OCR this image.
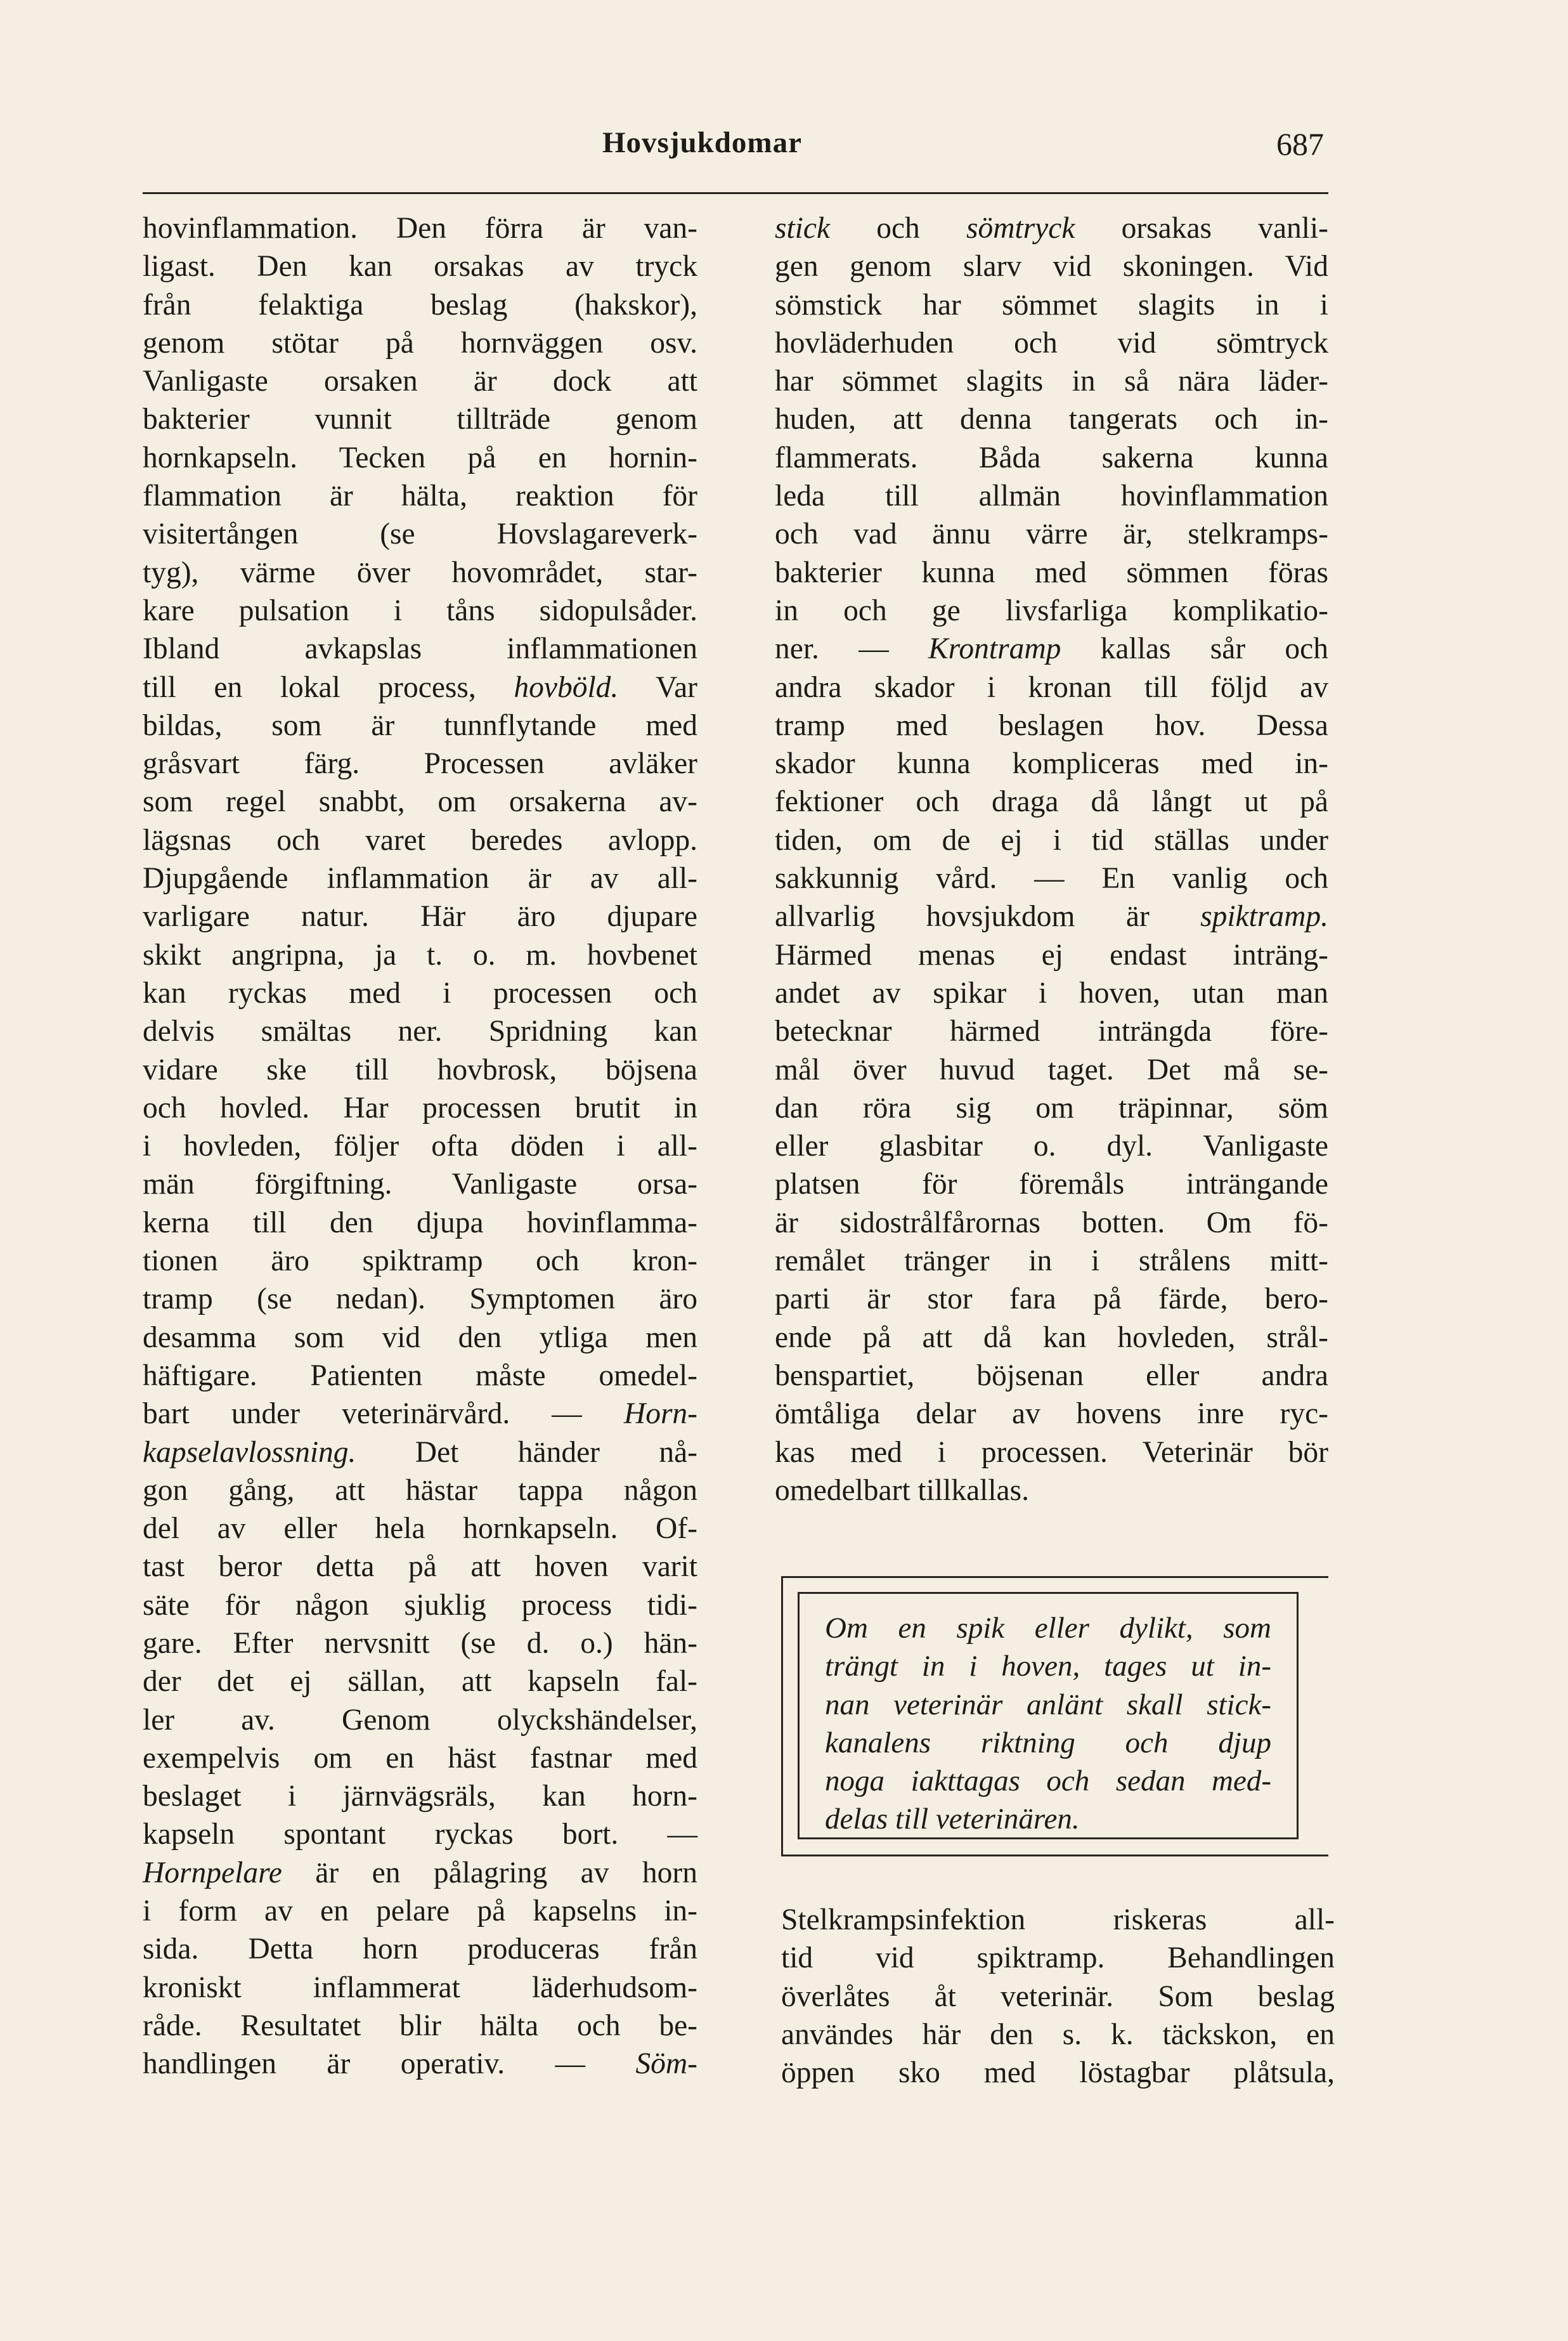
Hovsjukdomar	687
hovinflammation. Den förra är van-
ligast. Den kan orsakas av tryck
från felaktiga beslag (hakskor),
genom stötar på hornväggen osv.
Vanligaste orsaken är dock att
bakterier vunnit tillträde genom
hornkapseln. Tecken på en hornin-
flammation är hälta, reaktion för
visitertången (se Hovslagareverk-
tyg), värme över hovområdet, star-
kare pulsation i tåns sidopulsåder.
Ibland avkapslas inflammationen
till en lokal process, hovböld. Var
bildas, som är tunnflytande med
gråsvart färg. Processen avläker
som regel snabbt, om orsakerna av-
lägsnas och varet beredes avlopp.
Djupgående inflammation är av all-
varligare natur. Här äro djupare
skikt angripna, ja t. o. m. hovbenet
kan ryckas med i processen och
delvis smältas ner. Spridning kan
vidare ske till hovbrosk, böjsena
och hovled. Har processen brutit in
i hovleden, följer ofta döden i all-
män förgiftning. Vanligaste orsa-
kerna till den djupa hovinflamma-
tionen äro spiktramp och kron-
tramp (se nedan). Symptomen äro
desamma som vid den ytliga men
häftigare. Patienten måste omedel-
bart under veterinärvård. — Horn-
kapselavlossning. Det händer nå-
gon gång, att hästar tappa någon
del av eller hela hornkapseln. Of-
tast beror detta på att hoven varit
säte för någon sjuklig process tidi-
gare. Efter nervsnitt (se d. o.) hän-
der det ej sällan, att kapseln fal-
ler av. Genom olyckshändelser,
exempelvis om en häst fastnar med
beslaget i järnvägsräls, kan horn-
kapseln spontant ryckas bort. —
Hornpelare är en pålagring av horn
i form av en pelare på kapselns in-
sida. Detta horn produceras från
kroniskt inflammerat läderhudsom-
råde. Resultatet blir hälta och be-
handlingen är operativ. — Söm-
stick och sömtryck orsakas vanli-
gen genom slarv vid skoningen. Vid
sömstick har sömmet slagits in i
hovläderhuden och vid sömtryck
har sömmet slagits in så nära läder-
huden, att denna tangerats och in-
flammerats. Båda sakerna kunna
leda till allmän hovinflammation
och vad ännu värre är, stelkramps-
bakterier kunna med sömmen föras
in och ge livsfarliga komplikatio-
ner. — Krontramp kallas sår och
andra skador i kronan till följd av
tramp med beslagen hov. Dessa
skador kunna kompliceras med in-
fektioner och draga då långt ut på
tiden, om de ej i tid ställas under
sakkunnig vård. — En vanlig och
allvarlig hovsjukdom är spiktramp.
Härmed menas ej endast inträng-
andet av spikar i hoven, utan man
betecknar härmed inträngda före-
mål över huvud taget. Det må se-
dan röra sig om träpinnar, söm
eller glasbitar o. dyl. Vanligaste
platsen för föremåls inträngande
är sidostrålfårornas botten. Om fö-
remålet tränger in i strålens mitt-
parti är stor fara på färde, bero-
ende på att då kan hovleden, strål-
benspartiet, böjsenan eller andra
ömtåliga delar av hovens inre ryc-
kas med i processen. Veterinär bör
omedelbart tillkallas.
Om en spik eller dylikt, som
trängt in i hoven, tages ut in-
nan veterinär anlänt skall stick-
kanalens riktning och djup
noga iakttagas och sedan med-
delas till veterinären.
Stelkrampsinfektion riskeras all-
tid vid spiktramp. Behandlingen
överlåtes åt veterinär. Som beslag
användes här den s. k. täckskon, en
öppen sko med löstagbar plåtsula,
